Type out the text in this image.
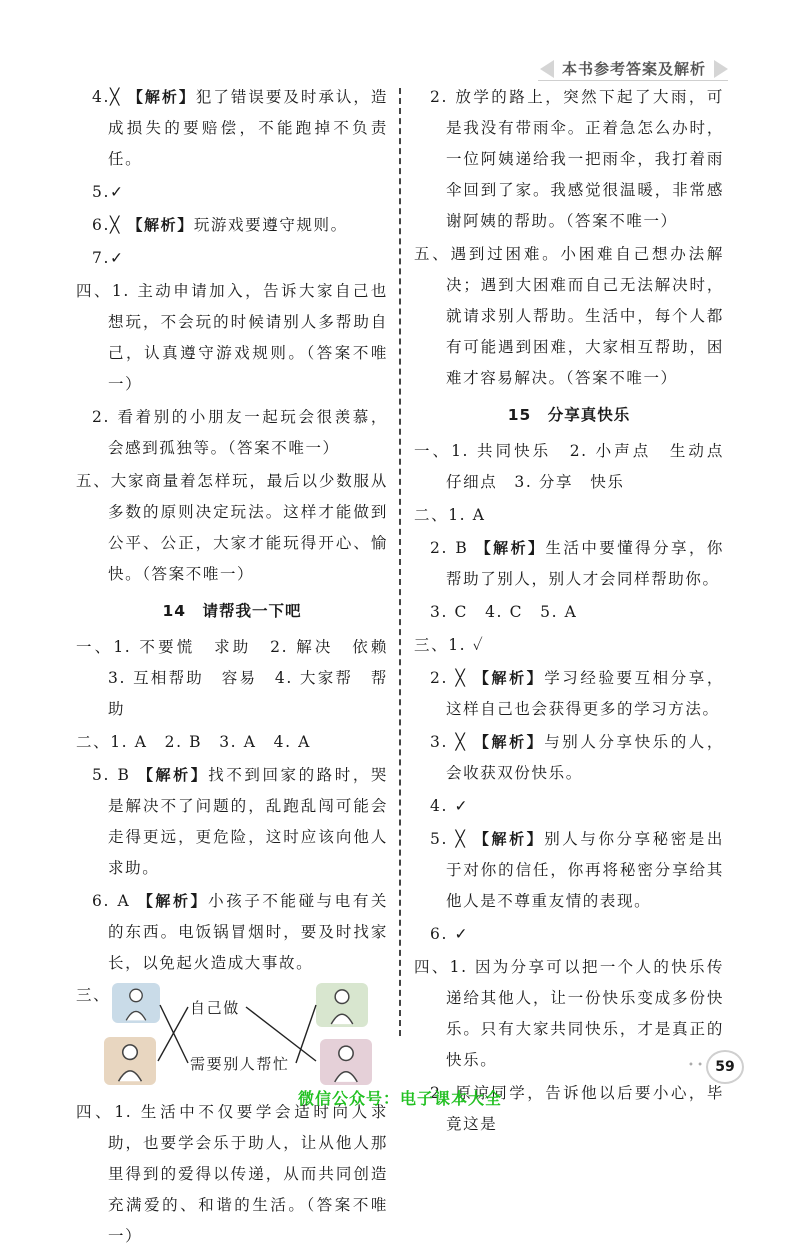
本书参考答案及解析
4.╳ 【解析】犯了错误要及时承认，造成损失的要赔偿，不能跑掉不负责任。
5.✓
6.╳ 【解析】玩游戏要遵守规则。
7.✓
四、1. 主动申请加入，告诉大家自己也想玩，不会玩的时候请别人多帮助自己，认真遵守游戏规则。（答案不唯一）
2. 看着别的小朋友一起玩会很羡慕，会感到孤独等。（答案不唯一）
五、大家商量着怎样玩，最后以少数服从多数的原则决定玩法。这样才能做到公平、公正，大家才能玩得开心、愉快。（答案不唯一）
14　请帮我一下吧
一、1. 不要慌　求助　2. 解决　依赖　3. 互相帮助　容易　4. 大家帮　帮助
二、1. A　2. B　3. A　4. A
5. B 【解析】找不到回家的路时，哭是解决不了问题的，乱跑乱闯可能会走得更远，更危险，这时应该向他人求助。
6. A 【解析】小孩子不能碰与电有关的东西。电饭锅冒烟时，要及时找家长，以免起火造成大事故。
三、
自己做
需要别人帮忙
四、1. 生活中不仅要学会适时向人求助，也要学会乐于助人，让从他人那里得到的爱得以传递，从而共同创造充满爱的、和谐的生活。（答案不唯一）
2. 放学的路上，突然下起了大雨，可是我没有带雨伞。正着急怎么办时，一位阿姨递给我一把雨伞，我打着雨伞回到了家。我感觉很温暖，非常感谢阿姨的帮助。（答案不唯一）
五、遇到过困难。小困难自己想办法解决；遇到大困难而自己无法解决时，就请求别人帮助。生活中，每个人都有可能遇到困难，大家相互帮助，困难才容易解决。（答案不唯一）
15　分享真快乐
一、1. 共同快乐　2. 小声点　生动点　仔细点　3. 分享　快乐
二、1. A
2. B 【解析】生活中要懂得分享，你帮助了别人，别人才会同样帮助你。
3. C　4. C　5. A
三、1. ✓
2. ╳ 【解析】学习经验要互相分享，这样自己也会获得更多的学习方法。
3. ╳ 【解析】与别人分享快乐的人，会收获双份快乐。
4. ✓
5. ╳ 【解析】别人与你分享秘密是出于对你的信任，你再将秘密分享给其他人是不尊重友情的表现。
6. ✓
四、1. 因为分享可以把一个人的快乐传递给其他人，让一份快乐变成多份快乐。只有大家共同快乐，才是真正的快乐。
2. 原谅同学，告诉他以后要小心，毕竟这是
• • 59
微信公众号：电子课本大全
